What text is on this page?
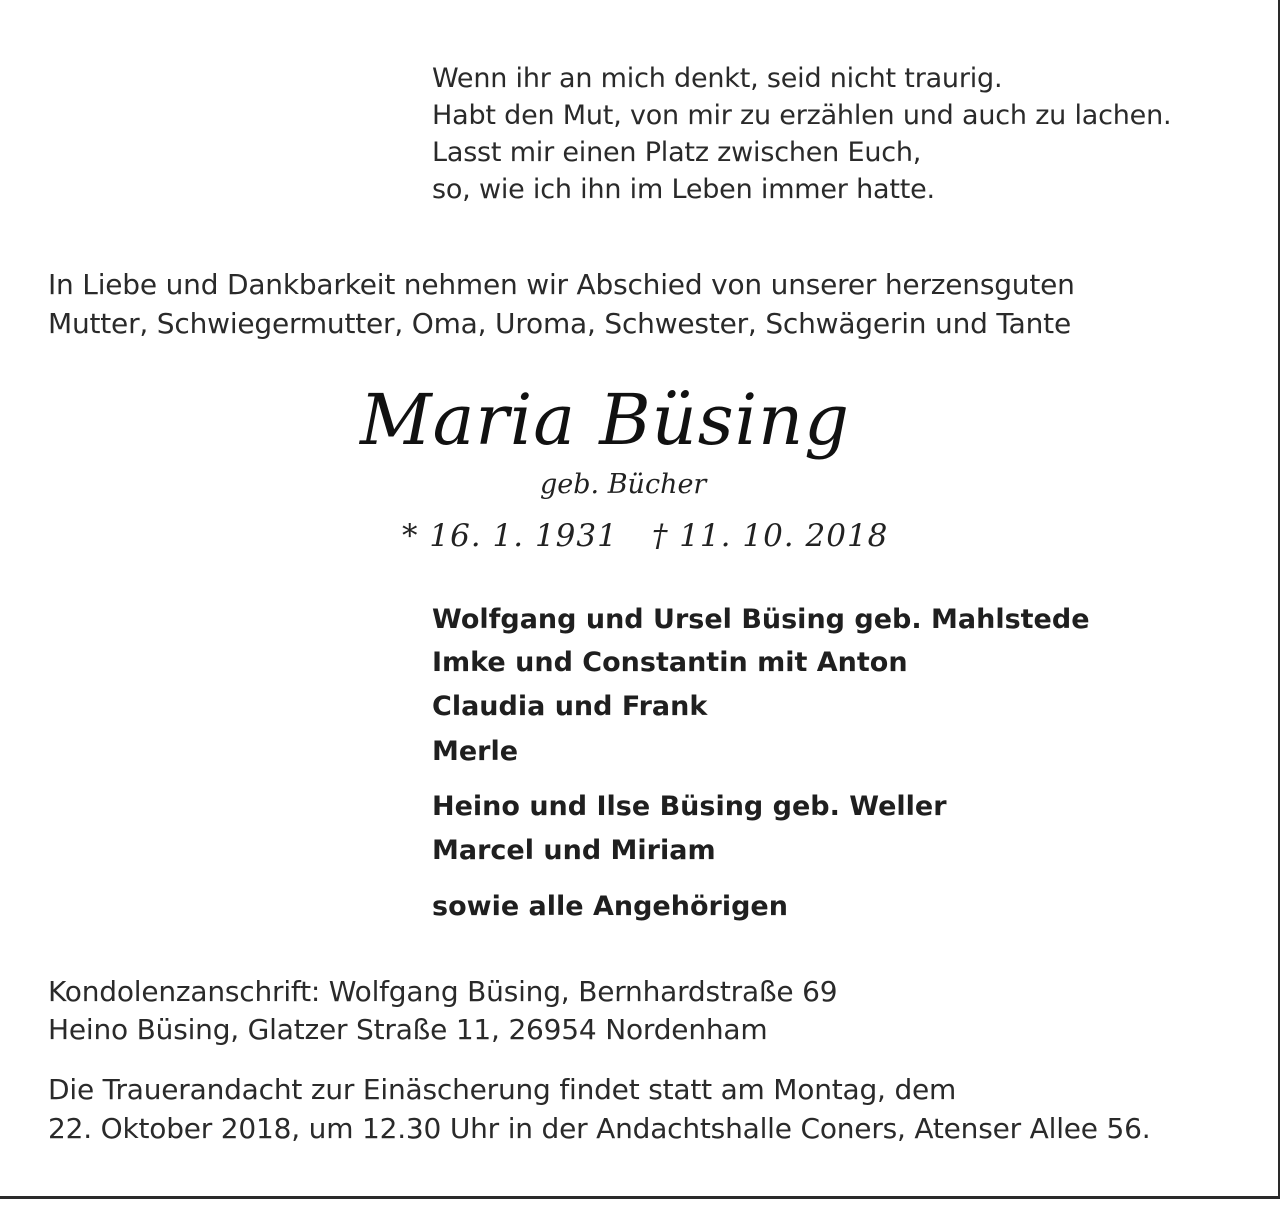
Wenn ihr an mich denkt, seid nicht traurig.
Habt den Mut, von mir zu erzählen und auch zu lachen.
Lasst mir einen Platz zwischen Euch,
so, wie ich ihn im Leben immer hatte.
In Liebe und Dankbarkeit nehmen wir Abschied von unserer herzensguten
Mutter, Schwiegermutter, Oma, Uroma, Schwester, Schwägerin und Tante
Maria Büsing
geb. Bücher
* 16. 1. 1931 † 11. 10. 2018
Wolfgang und Ursel Büsing geb. Mahlstede
Imke und Constantin mit Anton
Claudia und Frank
Merle
Heino und Ilse Büsing geb. Weller
Marcel und Miriam
sowie alle Angehörigen
Kondolenzanschrift: Wolfgang Büsing, Bernhardstraße 69
Heino Büsing, Glatzer Straße 11, 26954 Nordenham
Die Trauerandacht zur Einäscherung findet statt am Montag, dem
22. Oktober 2018, um 12.30 Uhr in der Andachtshalle Coners, Atenser Allee 56.
